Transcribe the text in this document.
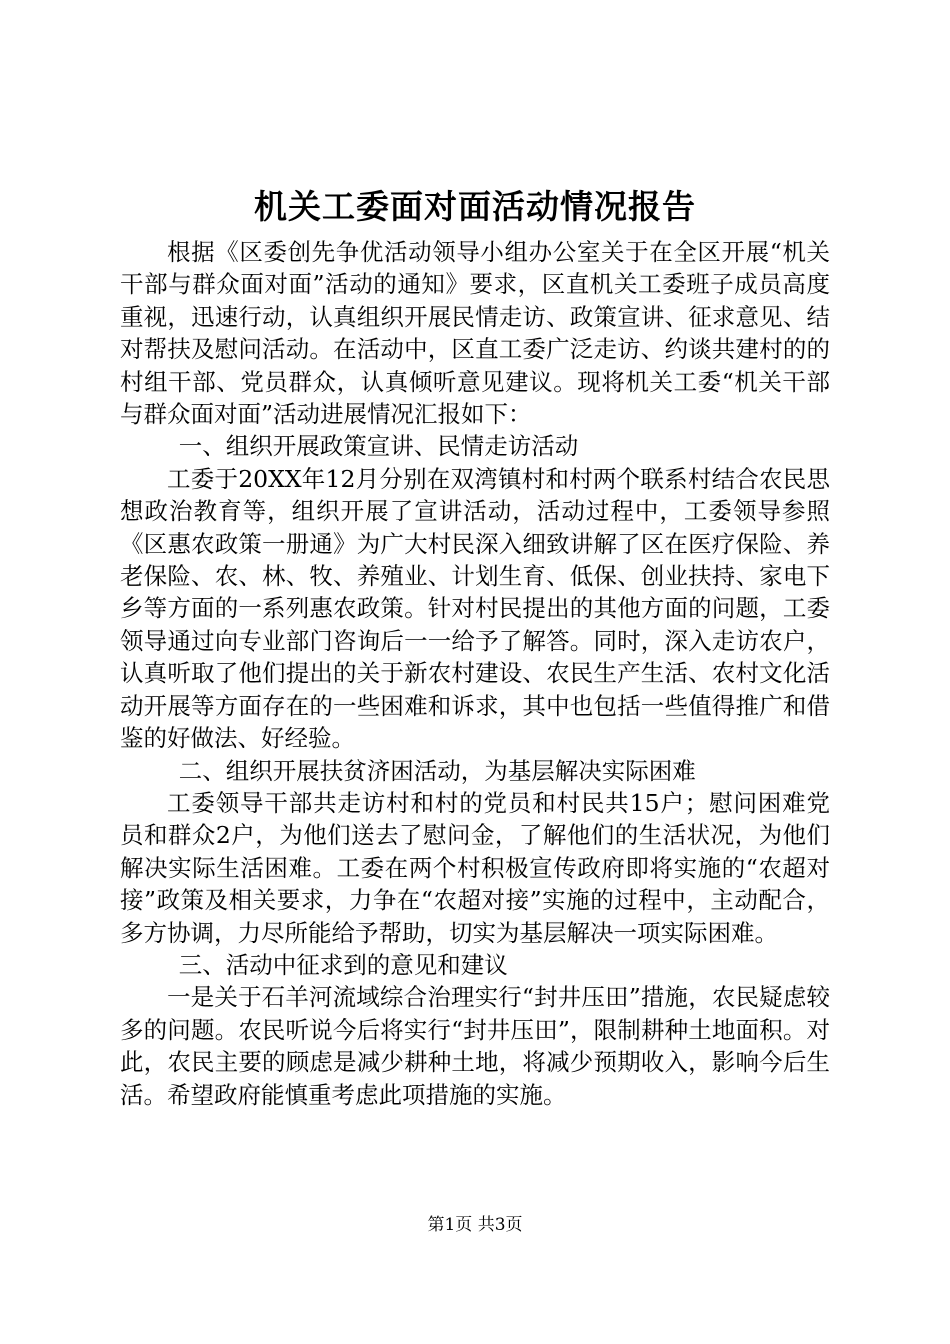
机关工委面对面活动情况报告

根据《区委创先争优活动领导小组办公室关于在全区开展“机关干部与群众面对面”活动的通知》要求，区直机关工委班子成员高度重视，迅速行动，认真组织开展民情走访、政策宣讲、征求意见、结对帮扶及慰问活动。在活动中，区直工委广泛走访、约谈共建村的的村组干部、党员群众，认真倾听意见建议。现将机关工委“机关干部与群众面对面”活动进展情况汇报如下：

一、组织开展政策宣讲、民情走访活动

工委于20XX年12月分别在双湾镇村和村两个联系村结合农民思想政治教育等，组织开展了宣讲活动，活动过程中，工委领导参照《区惠农政策一册通》为广大村民深入细致讲解了区在医疗保险、养老保险、农、林、牧、养殖业、计划生育、低保、创业扶持、家电下乡等方面的一系列惠农政策。针对村民提出的其他方面的问题，工委领导通过向专业部门咨询后一一给予了解答。同时，深入走访农户，认真听取了他们提出的关于新农村建设、农民生产生活、农村文化活动开展等方面存在的一些困难和诉求，其中也包括一些值得推广和借鉴的好做法、好经验。

二、组织开展扶贫济困活动，为基层解决实际困难

工委领导干部共走访村和村的党员和村民共15户；慰问困难党员和群众2户，为他们送去了慰问金，了解他们的生活状况，为他们解决实际生活困难。工委在两个村积极宣传政府即将实施的“农超对接”政策及相关要求，力争在“农超对接”实施的过程中，主动配合，多方协调，力尽所能给予帮助，切实为基层解决一项实际困难。

三、活动中征求到的意见和建议

一是关于石羊河流域综合治理实行“封井压田”措施，农民疑虑较多的问题。农民听说今后将实行“封井压田”，限制耕种土地面积。对此，农民主要的顾虑是减少耕种土地，将减少预期收入，影响今后生活。希望政府能慎重考虑此项措施的实施。

第1页 共3页
